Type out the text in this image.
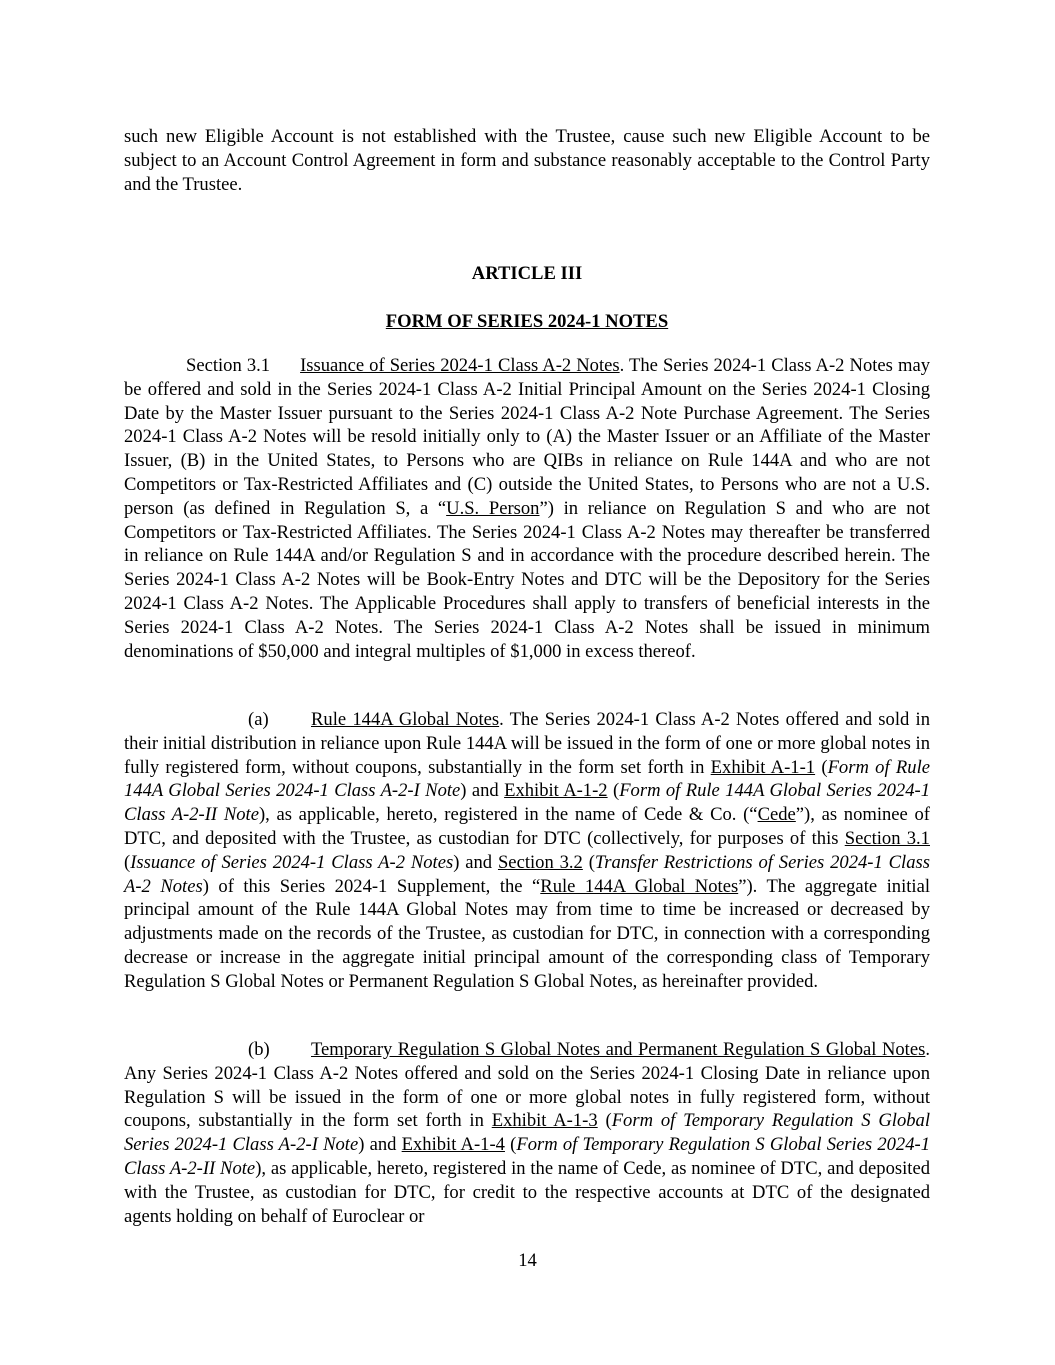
such new Eligible Account is not established with the Trustee, cause such new Eligible Account to be subject to an Account Control Agreement in form and substance reasonably acceptable to the Control Party and the Trustee.

ARTICLE III
FORM OF SERIES 2024-1 NOTES

Section 3.1 Issuance of Series 2024-1 Class A-2 Notes. The Series 2024-1 Class A-2 Notes may be offered and sold in the Series 2024-1 Class A-2 Initial Principal Amount on the Series 2024-1 Closing Date by the Master Issuer pursuant to the Series 2024-1 Class A-2 Note Purchase Agreement. The Series 2024-1 Class A-2 Notes will be resold initially only to (A) the Master Issuer or an Affiliate of the Master Issuer, (B) in the United States, to Persons who are QIBs in reliance on Rule 144A and who are not Competitors or Tax-Restricted Affiliates and (C) outside the United States, to Persons who are not a U.S. person (as defined in Regulation S, a “U.S. Person”) in reliance on Regulation S and who are not Competitors or Tax-Restricted Affiliates. The Series 2024-1 Class A-2 Notes may thereafter be transferred in reliance on Rule 144A and/or Regulation S and in accordance with the procedure described herein. The Series 2024-1 Class A-2 Notes will be Book-Entry Notes and DTC will be the Depository for the Series 2024-1 Class A-2 Notes. The Applicable Procedures shall apply to transfers of beneficial interests in the Series 2024-1 Class A-2 Notes. The Series 2024-1 Class A-2 Notes shall be issued in minimum denominations of $50,000 and integral multiples of $1,000 in excess thereof.

(a) Rule 144A Global Notes. The Series 2024-1 Class A-2 Notes offered and sold in their initial distribution in reliance upon Rule 144A will be issued in the form of one or more global notes in fully registered form, without coupons, substantially in the form set forth in Exhibit A-1-1 (Form of Rule 144A Global Series 2024-1 Class A-2-I Note) and Exhibit A-1-2 (Form of Rule 144A Global Series 2024-1 Class A-2-II Note), as applicable, hereto, registered in the name of Cede & Co. (“Cede”), as nominee of DTC, and deposited with the Trustee, as custodian for DTC (collectively, for purposes of this Section 3.1 (Issuance of Series 2024-1 Class A-2 Notes) and Section 3.2 (Transfer Restrictions of Series 2024-1 Class A-2 Notes) of this Series 2024-1 Supplement, the “Rule 144A Global Notes”). The aggregate initial principal amount of the Rule 144A Global Notes may from time to time be increased or decreased by adjustments made on the records of the Trustee, as custodian for DTC, in connection with a corresponding decrease or increase in the aggregate initial principal amount of the corresponding class of Temporary Regulation S Global Notes or Permanent Regulation S Global Notes, as hereinafter provided.

(b) Temporary Regulation S Global Notes and Permanent Regulation S Global Notes. Any Series 2024-1 Class A-2 Notes offered and sold on the Series 2024-1 Closing Date in reliance upon Regulation S will be issued in the form of one or more global notes in fully registered form, without coupons, substantially in the form set forth in Exhibit A-1-3 (Form of Temporary Regulation S Global Series 2024-1 Class A-2-I Note) and Exhibit A-1-4 (Form of Temporary Regulation S Global Series 2024-1 Class A-2-II Note), as applicable, hereto, registered in the name of Cede, as nominee of DTC, and deposited with the Trustee, as custodian for DTC, for credit to the respective accounts at DTC of the designated agents holding on behalf of Euroclear or

14
